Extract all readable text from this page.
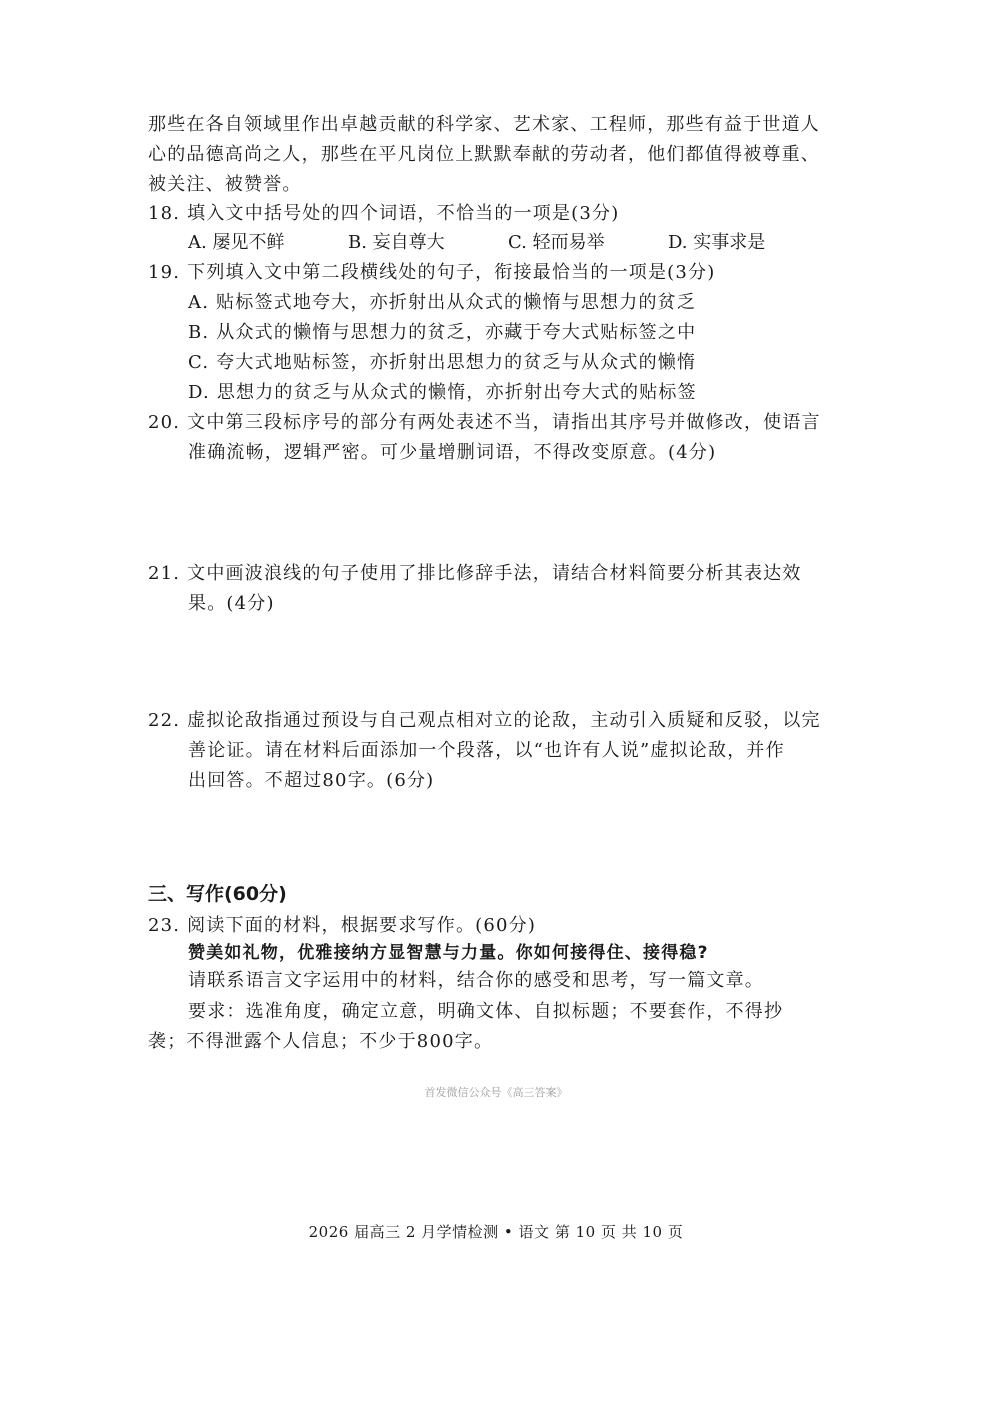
那些在各自领域里作出卓越贡献的科学家、艺术家、工程师，那些有益于世道人
心的品德高尚之人，那些在平凡岗位上默默奉献的劳动者，他们都值得被尊重、
被关注、被赞誉。
18. 填入文中括号处的四个词语，不恰当的一项是(3分)
A. 屡见不鲜	B. 妄自尊大	C. 轻而易举	D. 实事求是
19. 下列填入文中第二段横线处的句子，衔接最恰当的一项是(3分)
A. 贴标签式地夸大，亦折射出从众式的懒惰与思想力的贫乏
B. 从众式的懒惰与思想力的贫乏，亦藏于夸大式贴标签之中
C. 夸大式地贴标签，亦折射出思想力的贫乏与从众式的懒惰
D. 思想力的贫乏与从众式的懒惰，亦折射出夸大式的贴标签
20. 文中第三段标序号的部分有两处表述不当，请指出其序号并做修改，使语言
准确流畅，逻辑严密。可少量增删词语，不得改变原意。(4分)
21. 文中画波浪线的句子使用了排比修辞手法，请结合材料简要分析其表达效
果。(4分)
22. 虚拟论敌指通过预设与自己观点相对立的论敌，主动引入质疑和反驳，以完
善论证。请在材料后面添加一个段落，以“也许有人说”虚拟论敌，并作
出回答。不超过80字。(6分)
三、写作(60分)
23. 阅读下面的材料，根据要求写作。(60分)
赞美如礼物，优雅接纳方显智慧与力量。你如何接得住、接得稳?
请联系语言文字运用中的材料，结合你的感受和思考，写一篇文章。
要求：选准角度，确定立意，明确文体、自拟标题；不要套作，不得抄
袭；不得泄露个人信息；不少于800字。
首发微信公众号《高三答案》
2026 届高三 2 月学情检测 • 语文 第 10 页 共 10 页
